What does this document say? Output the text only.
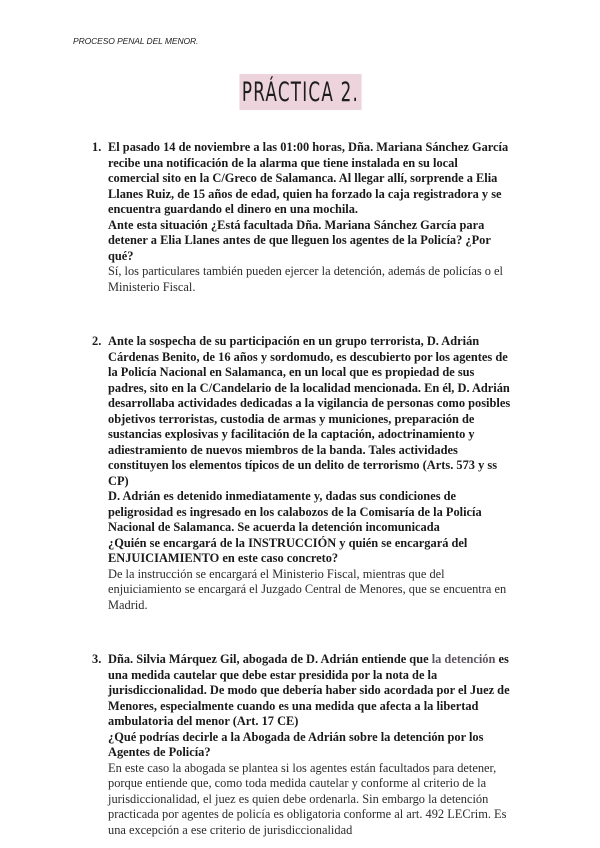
PROCESO PENAL DEL MENOR.
PRÁCTICA 2.
1. El pasado 14 de noviembre a las 01:00 horas, Dña. Mariana Sánchez García recibe una notificación de la alarma que tiene instalada en su local comercial sito en la C/Greco de Salamanca. Al llegar allí, sorprende a Elia Llanes Ruiz, de 15 años de edad, quien ha forzado la caja registradora y se encuentra guardando el dinero en una mochila.

Ante esta situación ¿Está facultada Dña. Mariana Sánchez García para detener a Elia Llanes antes de que lleguen los agentes de la Policía? ¿Por qué?

Sí, los particulares también pueden ejercer la detención, además de policías o el Ministerio Fiscal.

2. Ante la sospecha de su participación en un grupo terrorista, D. Adrián Cárdenas Benito, de 16 años y sordomudo, es descubierto por los agentes de la Policía Nacional en Salamanca, en un local que es propiedad de sus padres, sito en la C/Candelario de la localidad mencionada. En él, D. Adrián desarrollaba actividades dedicadas a la vigilancia de personas como posibles objetivos terroristas, custodia de armas y municiones, preparación de sustancias explosivas y facilitación de la captación, adoctrinamiento y adiestramiento de nuevos miembros de la banda. Tales actividades constituyen los elementos típicos de un delito de terrorismo (Arts. 573 y ss CP)

D. Adrián es detenido inmediatamente y, dadas sus condiciones de peligrosidad es ingresado en los calabozos de la Comisaría de la Policía Nacional de Salamanca. Se acuerda la detención incomunicada

¿Quién se encargará de la INSTRUCCIÓN y quién se encargará del ENJUICIAMIENTO en este caso concreto?

De la instrucción se encargará el Ministerio Fiscal, mientras que del enjuiciamiento se encargará el Juzgado Central de Menores, que se encuentra en Madrid.

3. Dña. Silvia Márquez Gil, abogada de D. Adrián entiende que la detención es una medida cautelar que debe estar presidida por la nota de la jurisdiccionalidad. De modo que debería haber sido acordada por el Juez de Menores, especialmente cuando es una medida que afecta a la libertad ambulatoria del menor (Art. 17 CE)

¿Qué podrías decirle a la Abogada de Adrián sobre la detención por los Agentes de Policía?

En este caso la abogada se plantea si los agentes están facultados para detener, porque entiende que, como toda medida cautelar y conforme al criterio de la jurisdiccionalidad, el juez es quien debe ordenarla. Sin embargo la detención practicada por agentes de policía es obligatoria conforme al art. 492 LECrim. Es una excepción a ese criterio de jurisdiccionalidad
